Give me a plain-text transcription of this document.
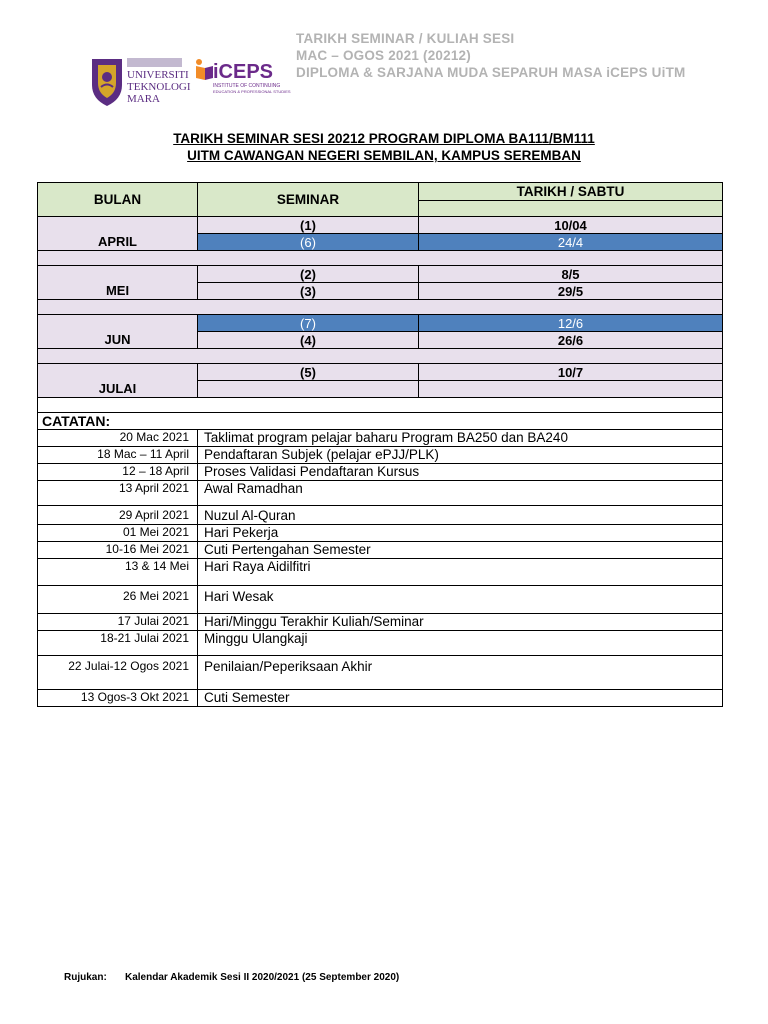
UNIVERSITI
TEKNOLOGI
MARA
iCEPS
INSTITUTE OF CONTINUING
EDUCATION & PROFESSIONAL STUDIES
TARIKH SEMINAR / KULIAH SESI
MAC – OGOS 2021 (20212)
DIPLOMA & SARJANA MUDA SEPARUH MASA iCEPS UiTM
TARIKH SEMINAR SESI 20212 PROGRAM DIPLOMA BA111/BM111
UITM CAWANGAN NEGERI SEMBILAN, KAMPUS SEREMBAN
BULAN	SEMINAR	TARIKH / SABTU

APRIL	(1)	10/04
	(6)	24/4

MEI	(2)	8/5
	(3)	29/5

JUN	(7)	12/6
	(4)	26/6

JULAI	(5)	10/7

CATATAN:		
20 Mac 2021	Taklimat program pelajar baharu Program BA250 dan BA240	
18 Mac – 11 April	Pendaftaran Subjek (pelajar ePJJ/PLK)	
12 – 18 April	Proses Validasi Pendaftaran Kursus	
13 April 2021	Awal Ramadhan	
29 April 2021	Nuzul Al-Quran	
01 Mei 2021	Hari Pekerja	
10-16 Mei 2021	Cuti Pertengahan Semester	
13 & 14 Mei	Hari Raya Aidilfitri	
26 Mei 2021	Hari Wesak	
17 Julai 2021	Hari/Minggu Terakhir Kuliah/Seminar	
18-21 Julai 2021	Minggu Ulangkaji	
22 Julai-12 Ogos 2021	Penilaian/Peperiksaan Akhir	
13 Ogos-3 Okt 2021	Cuti Semester	
Rujukan: Kalendar Akademik Sesi II 2020/2021 (25 September 2020)
